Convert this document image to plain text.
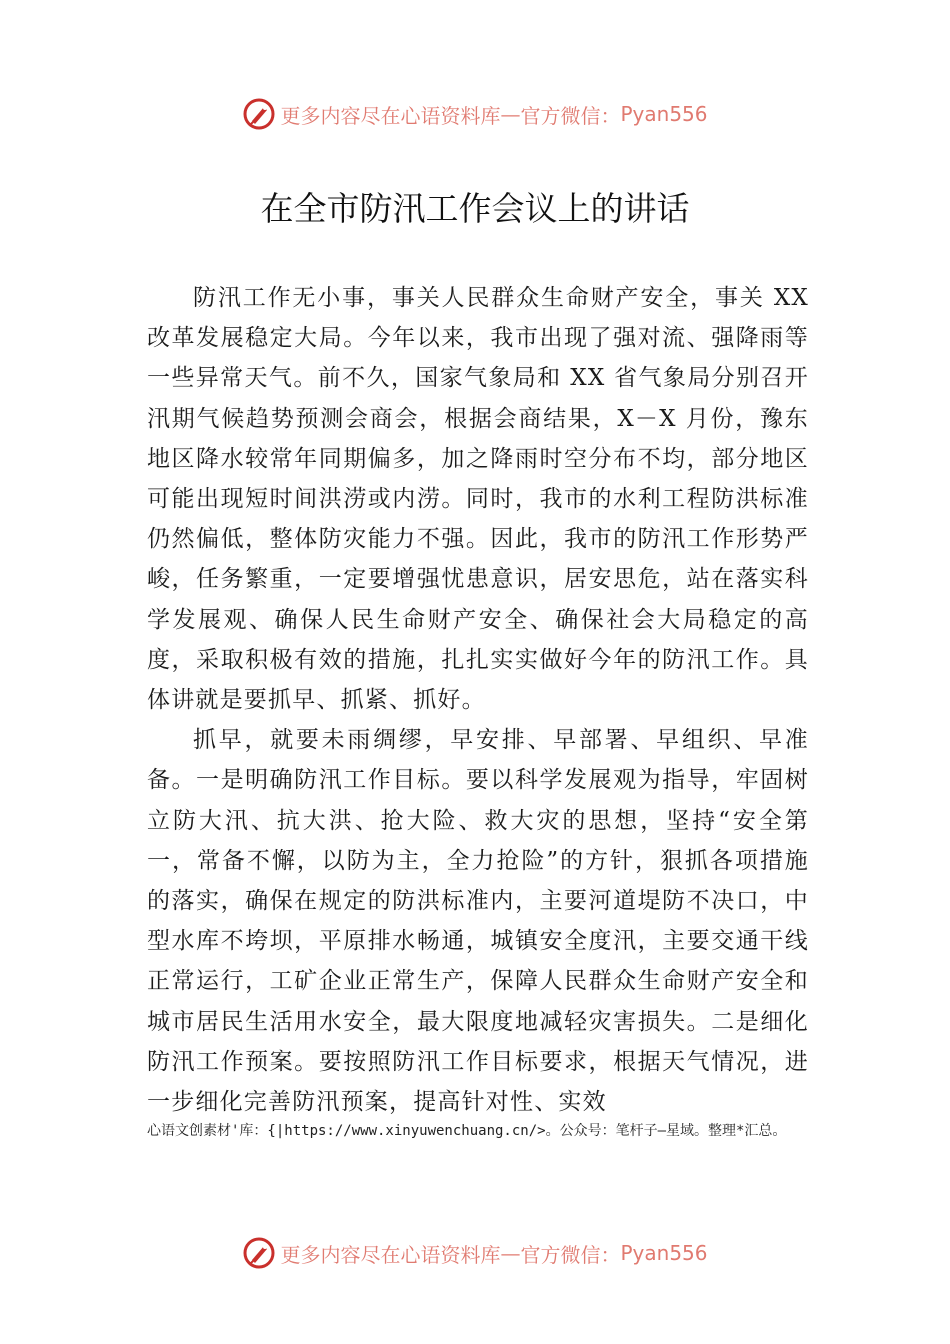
更多内容尽在心语资料库 — 官方微信： Pyan556
在全市防汛工作会议上的讲话

防汛工作无小事，事关人民群众生命财产安全，事关 XX 改革发展稳定大局。今年以来，我市出现了强对流、强降雨等一些异常天气。前不久，国家气象局和 XX 省气象局分别召开汛期气候趋势预测会商会，根据会商结果，X－X 月份，豫东地区降水较常年同期偏多，加之降雨时空分布不均，部分地区可能出现短时间洪涝或内涝。同时，我市的水利工程防洪标准仍然偏低，整体防灾能力不强。因此，我市的防汛工作形势严峻，任务繁重，一定要增强忧患意识，居安思危，站在落实科学发展观、确保人民生命财产安全、确保社会大局稳定的高度，采取积极有效的措施，扎扎实实做好今年的防汛工作。具体讲就是要抓早、抓紧、抓好。

抓早，就要未雨绸缪，早安排、早部署、早组织、早准备。一是明确防汛工作目标。要以科学发展观为指导，牢固树立防大汛、抗大洪、抢大险、救大灾的思想，坚持“安全第一，常备不懈，以防为主，全力抢险”的方针，狠抓各项措施的落实，确保在规定的防洪标准内，主要河道堤防不决口，中型水库不垮坝，平原排水畅通，城镇安全度汛，主要交通干线正常运行，工矿企业正常生产，保障人民群众生命财产安全和城市居民生活用水安全，最大限度地减轻灾害损失。二是细化防汛工作预案。要按照防汛工作目标要求，根据天气情况，进一步细化完善防汛预案，提高针对性、实效

心语文创素材'库：{|https://www.xinyuwenchuang.cn/>。公众号：笔杆子—星域。整理*汇总。
更多内容尽在心语资料库 — 官方微信： Pyan556
